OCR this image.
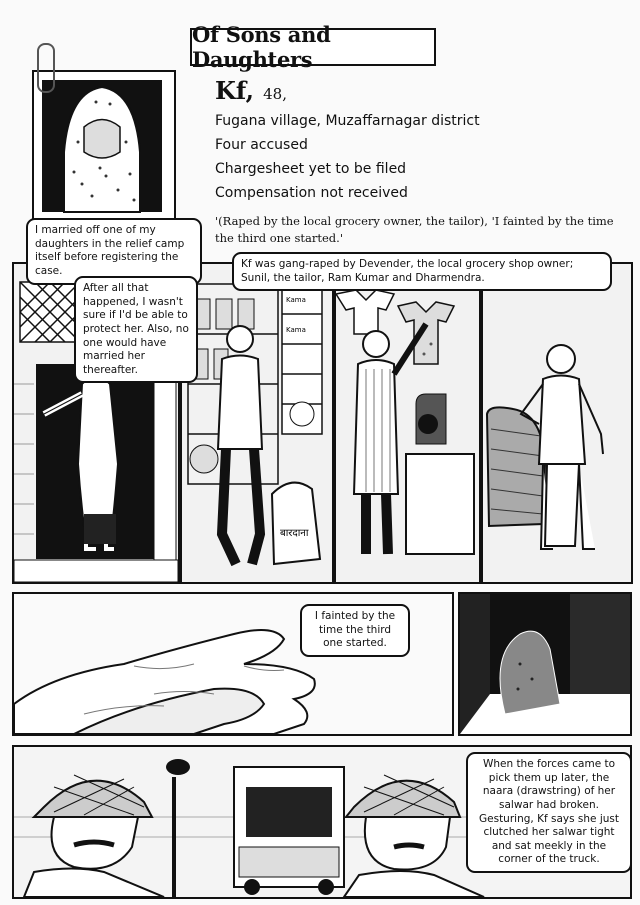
Of Sons and Daughters
Kf, 48,
Fugana village, Muzaffarnagar district
Four accused
Chargesheet yet to be filed
Compensation not received
'(Raped by the local grocery owner, the tailor), 'I fainted by the time the third one started.'
Kama
Kama
बारदाना
I married off one of my daughters in the relief camp itself before registering the case.
After all that happened, I wasn't sure if I'd be able to protect her. Also, no one would have married her thereafter.
Kf was gang-raped by Devender, the local grocery shop owner; Sunil, the tailor, Ram Kumar and Dharmendra.
I fainted by the time the third one started.
When the forces came to pick them up later, the naara (drawstring) of her salwar had broken. Gesturing, Kf says she just clutched her salwar tight and sat meekly in the corner of the truck.
